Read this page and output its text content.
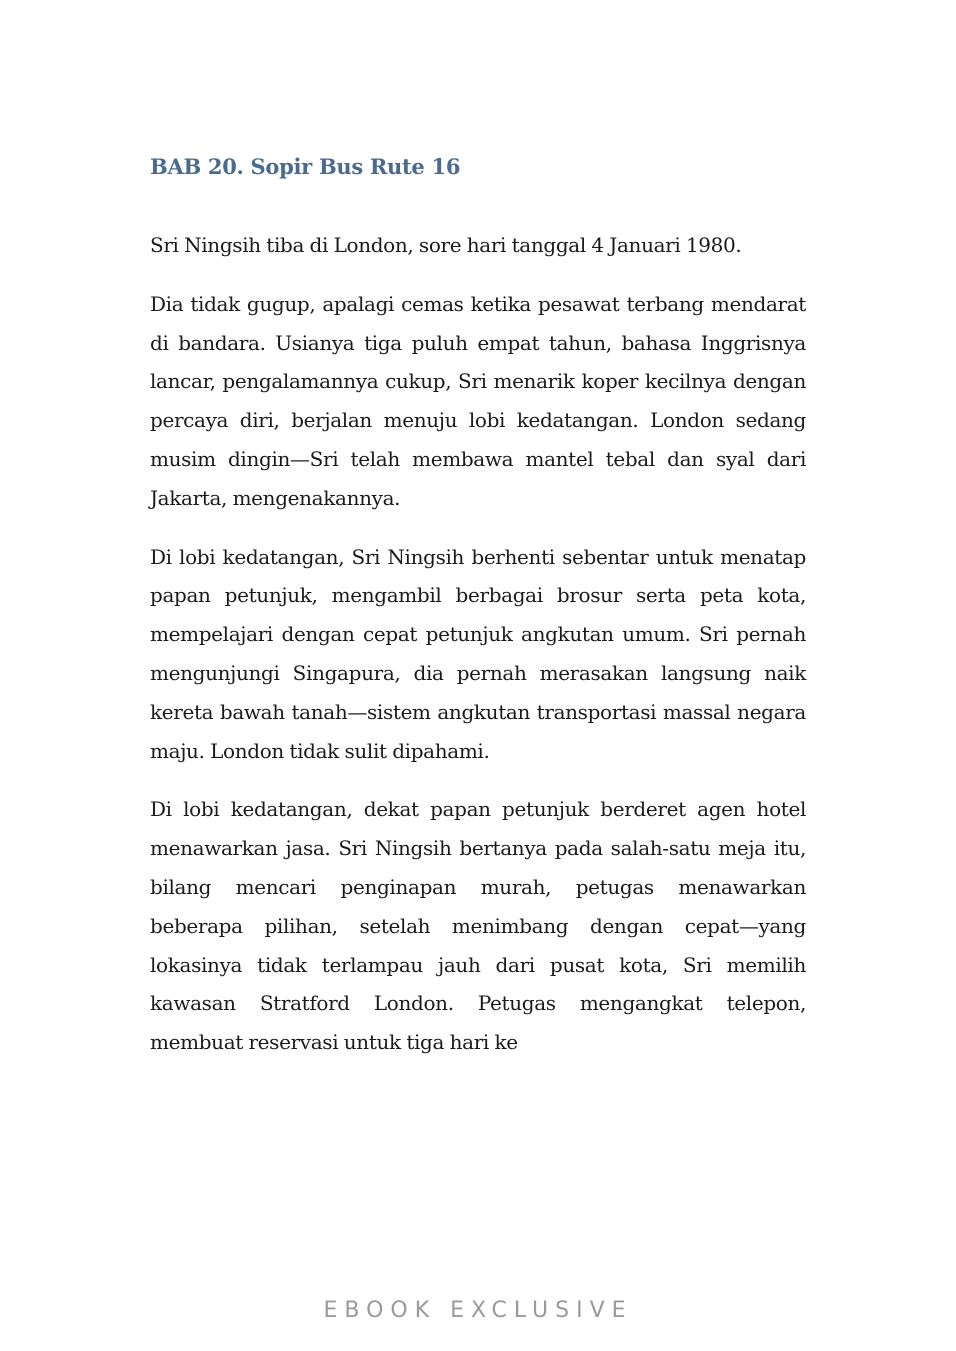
BAB 20. Sopir Bus Rute 16

Sri Ningsih tiba di London, sore hari tanggal 4 Januari 1980.

Dia tidak gugup, apalagi cemas ketika pesawat terbang mendarat di bandara. Usianya tiga puluh empat tahun, bahasa Inggrisnya lancar, pengalamannya cukup, Sri menarik koper kecilnya dengan percaya diri, berjalan menuju lobi kedatangan. London sedang musim dingin—Sri telah membawa mantel tebal dan syal dari Jakarta, mengenakannya.

Di lobi kedatangan, Sri Ningsih berhenti sebentar untuk menatap papan petunjuk, mengambil berbagai brosur serta peta kota, mempelajari dengan cepat petunjuk angkutan umum. Sri pernah mengunjungi Singapura, dia pernah merasakan langsung naik kereta bawah tanah—sistem angkutan transportasi massal negara maju. London tidak sulit dipahami.

Di lobi kedatangan, dekat papan petunjuk berderet agen hotel menawarkan jasa. Sri Ningsih bertanya pada salah-satu meja itu, bilang mencari penginapan murah, petugas menawarkan beberapa pilihan, setelah menimbang dengan cepat—yang lokasinya tidak terlampau jauh dari pusat kota, Sri memilih kawasan Stratford London. Petugas mengangkat telepon, membuat reservasi untuk tiga hari ke

EBOOK EXCLUSIVE
